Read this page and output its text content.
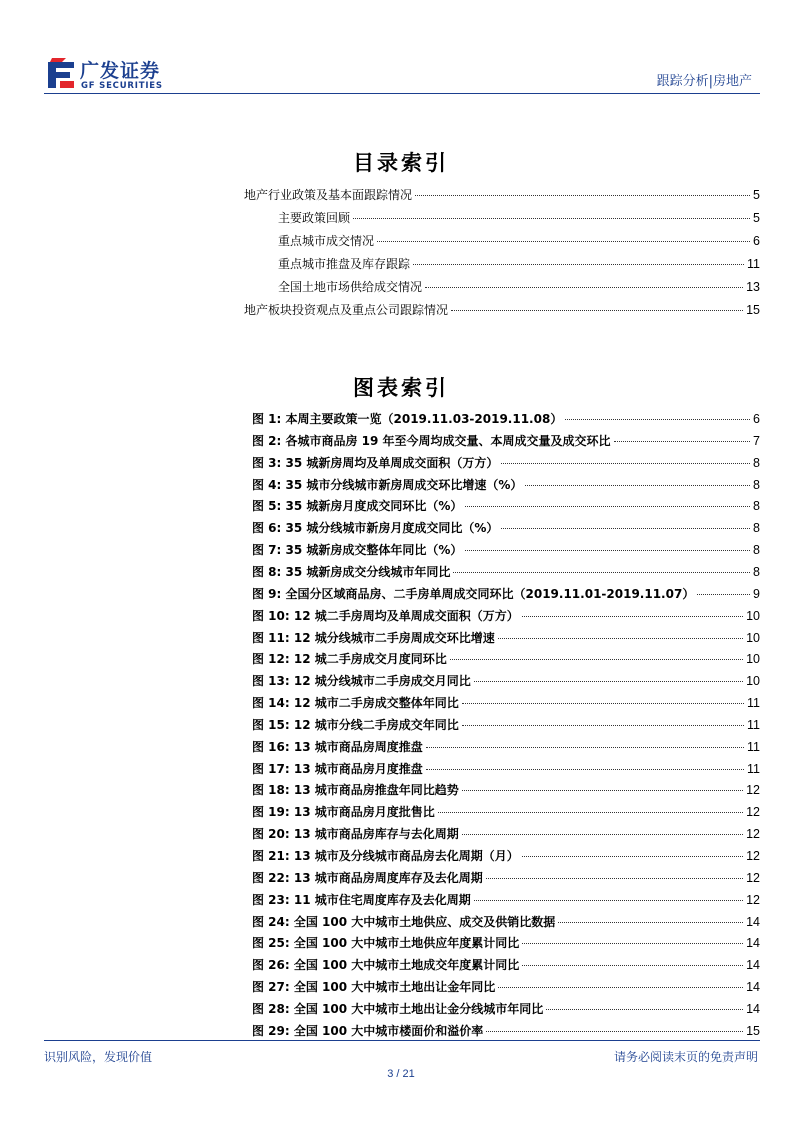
广发证券
GF SECURITIES	跟踪分析|房地产
目录索引
地产行业政策及基本面跟踪情况	5
主要政策回顾	5
重点城市成交情况	6
重点城市推盘及库存跟踪	11
全国土地市场供给成交情况	13
地产板块投资观点及重点公司跟踪情况	15
图表索引
图 1: 本周主要政策一览（2019.11.03-2019.11.08）	6
图 2: 各城市商品房 19 年至今周均成交量、本周成交量及成交环比	7
图 3: 35 城新房周均及单周成交面积（万方）	8
图 4: 35 城市分线城市新房周成交环比增速（%）	8
图 5: 35 城新房月度成交同环比（%）	8
图 6: 35 城分线城市新房月度成交同比（%）	8
图 7: 35 城新房成交整体年同比（%）	8
图 8: 35 城新房成交分线城市年同比	8
图 9: 全国分区域商品房、二手房单周成交同环比（2019.11.01-2019.11.07）	9
图 10: 12 城二手房周均及单周成交面积（万方）	10
图 11: 12 城分线城市二手房周成交环比增速	10
图 12: 12 城二手房成交月度同环比	10
图 13: 12 城分线城市二手房成交月同比	10
图 14: 12 城市二手房成交整体年同比	11
图 15: 12 城市分线二手房成交年同比	11
图 16: 13 城市商品房周度推盘	11
图 17: 13 城市商品房月度推盘	11
图 18: 13 城市商品房推盘年同比趋势	12
图 19: 13 城市商品房月度批售比	12
图 20: 13 城市商品房库存与去化周期	12
图 21: 13 城市及分线城市商品房去化周期（月）	12
图 22: 13 城市商品房周度库存及去化周期	12
图 23: 11 城市住宅周度库存及去化周期	12
图 24: 全国 100 大中城市土地供应、成交及供销比数据	14
图 25: 全国 100 大中城市土地供应年度累计同比	14
图 26: 全国 100 大中城市土地成交年度累计同比	14
图 27: 全国 100 大中城市土地出让金年同比	14
图 28: 全国 100 大中城市土地出让金分线城市年同比	14
图 29: 全国 100 大中城市楼面价和溢价率	15
识别风险，发现价值	请务必阅读末页的免责声明
3 / 21
